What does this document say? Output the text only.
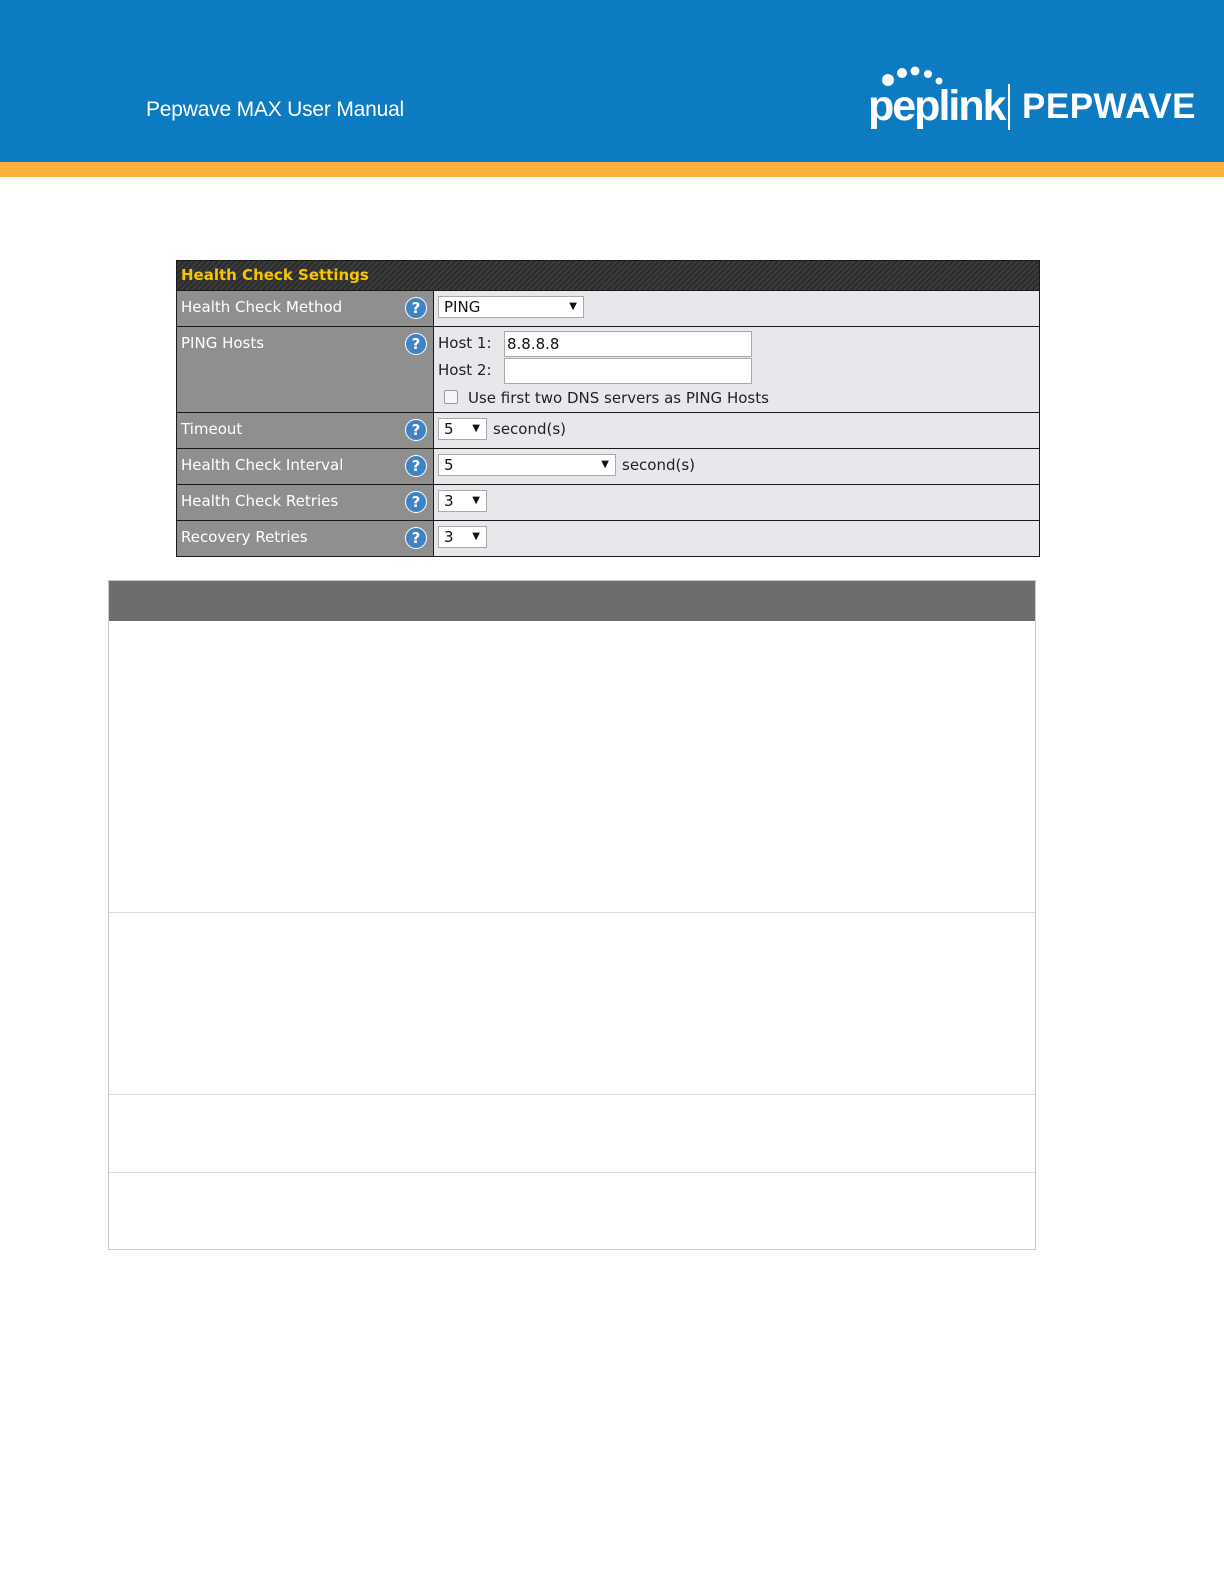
Pepwave MAX User Manual	peplink PEPWAVE
Health Check Settings
Health Check Method	?	PING	▼
PING Hosts	?	Host 1: 8.8.8.8
Host 2:
Use first two DNS servers as PING Hosts
Timeout	?	5 ▼ second(s)
Health Check Interval	?	5	▼ second(s)
Health Check Retries	?	3 ▼
Recovery Retries	?	3 ▼
